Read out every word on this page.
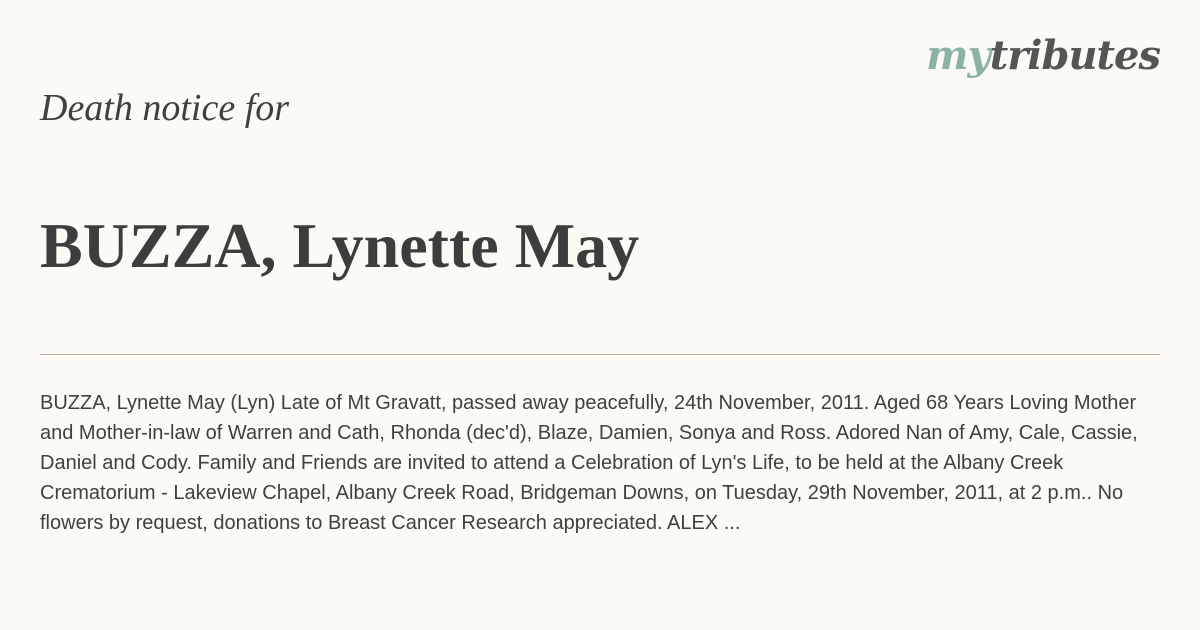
mytributes
Death notice for
BUZZA, Lynette May

BUZZA, Lynette May (Lyn) Late of Mt Gravatt, passed away peacefully, 24th November, 2011. Aged 68 Years Loving Mother and Mother-in-law of Warren and Cath, Rhonda (dec'd), Blaze, Damien, Sonya and Ross. Adored Nan of Amy, Cale, Cassie, Daniel and Cody. Family and Friends are invited to attend a Celebration of Lyn's Life, to be held at the Albany Creek Crematorium - Lakeview Chapel, Albany Creek Road, Bridgeman Downs, on Tuesday, 29th November, 2011, at 2 p.m.. No flowers by request, donations to Breast Cancer Research appreciated. ALEX ...
